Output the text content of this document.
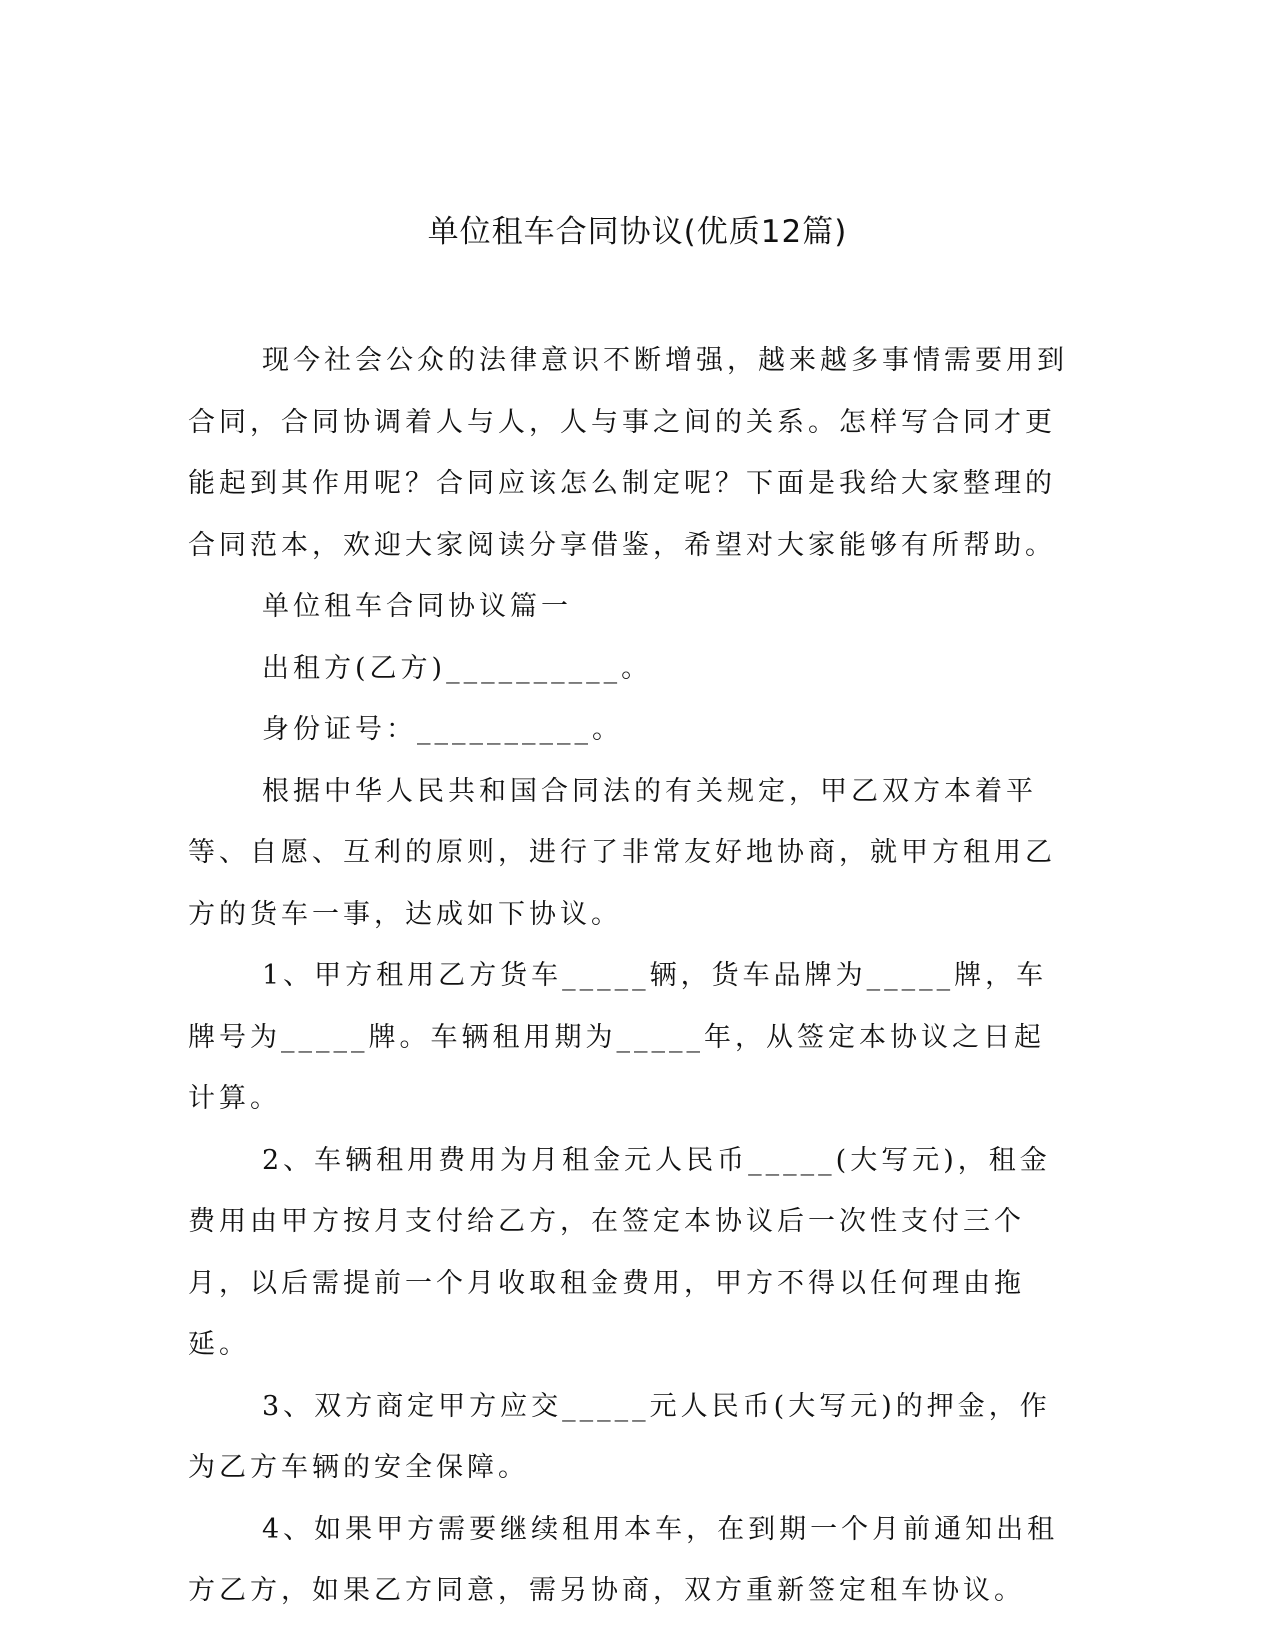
单位租车合同协议(优质12篇)

现今社会公众的法律意识不断增强，越来越多事情需要用到合同，合同协调着人与人，人与事之间的关系。怎样写合同才更能起到其作用呢？合同应该怎么制定呢？下面是我给大家整理的合同范本，欢迎大家阅读分享借鉴，希望对大家能够有所帮助。

单位租车合同协议篇一

出租方(乙方)__________。

身份证号：__________。

根据中华人民共和国合同法的有关规定，甲乙双方本着平等、自愿、互利的原则，进行了非常友好地协商，就甲方租用乙方的货车一事，达成如下协议。

1、甲方租用乙方货车_____辆，货车品牌为_____牌，车牌号为_____牌。车辆租用期为_____年，从签定本协议之日起计算。

2、车辆租用费用为月租金元人民币_____(大写元)，租金费用由甲方按月支付给乙方，在签定本协议后一次性支付三个月，以后需提前一个月收取租金费用，甲方不得以任何理由拖延。

3、双方商定甲方应交_____元人民币(大写元)的押金，作为乙方车辆的安全保障。

4、如果甲方需要继续租用本车，在到期一个月前通知出租方乙方，如果乙方同意，需另协商，双方重新签定租车协议。
